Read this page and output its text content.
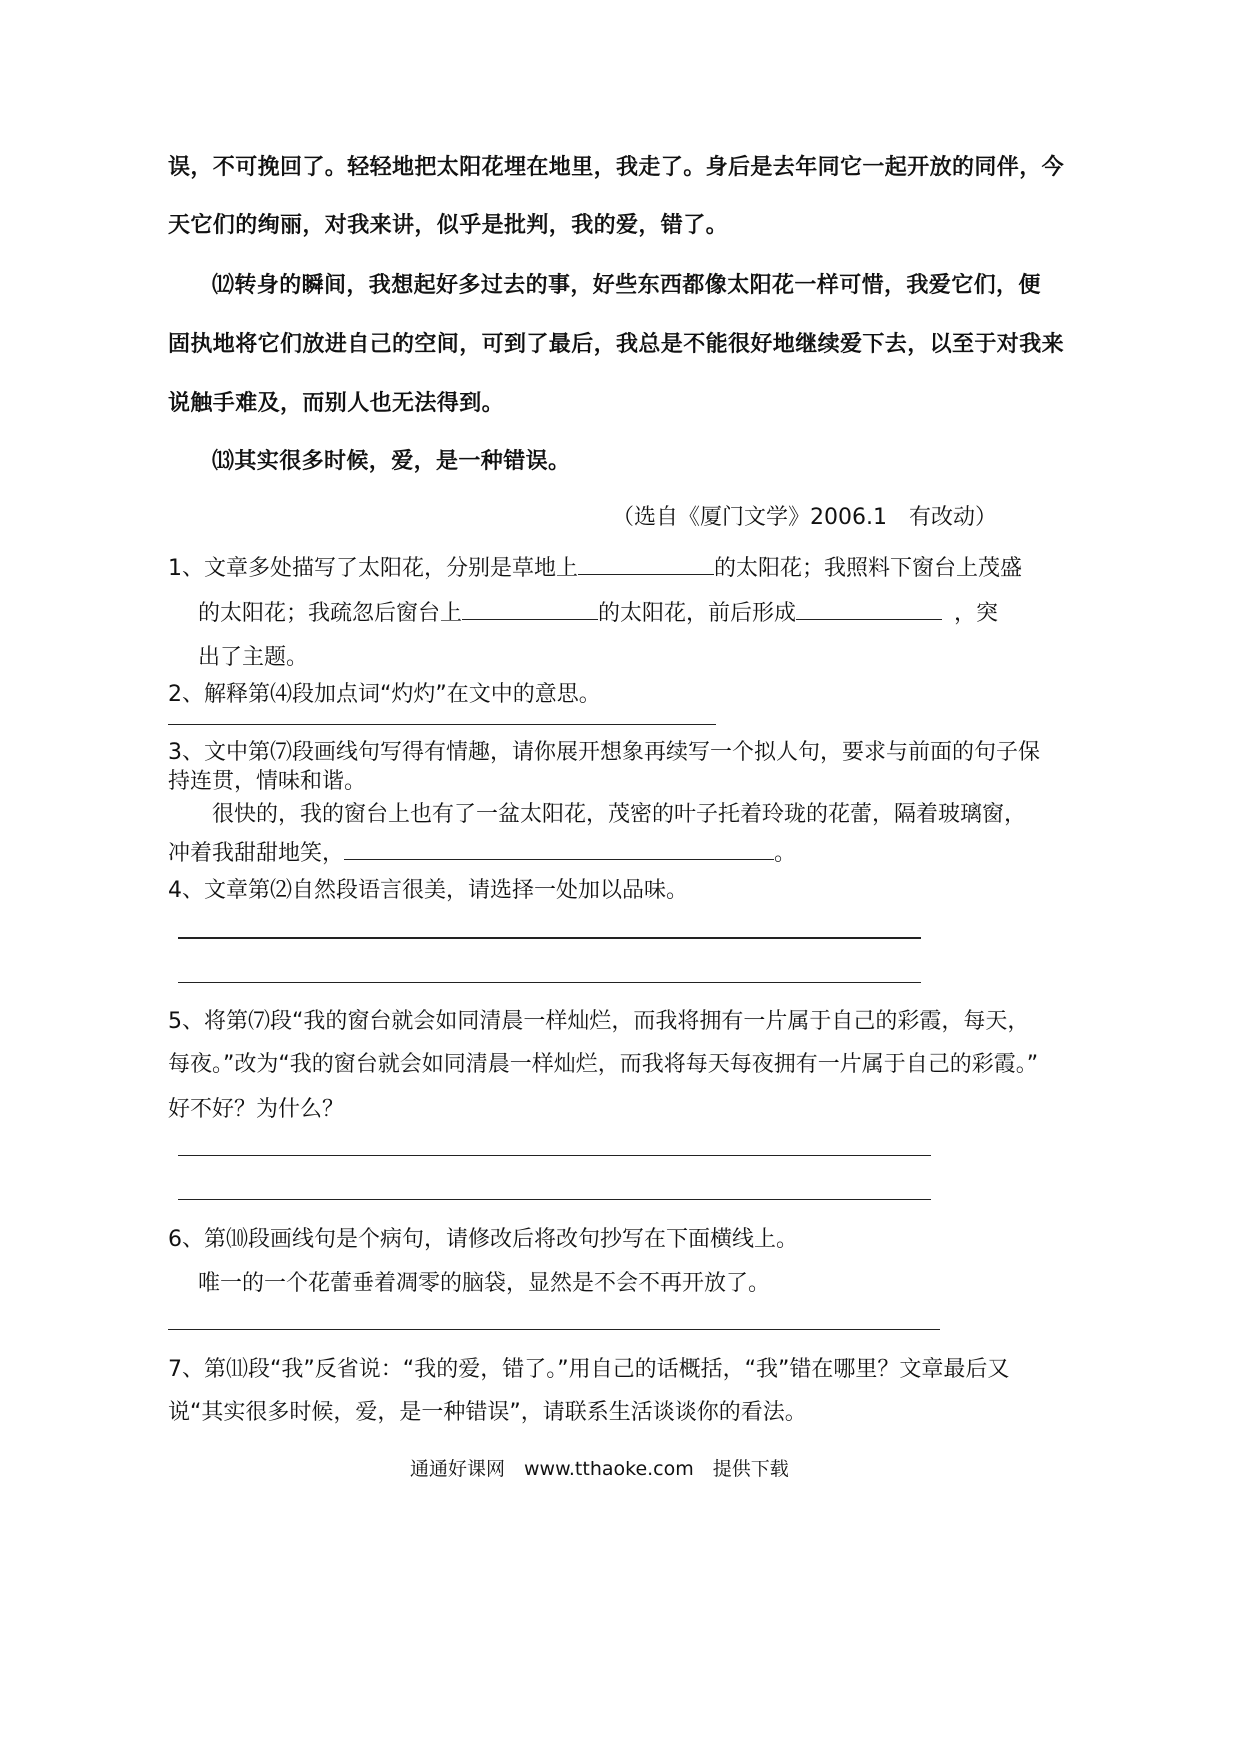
误，不可挽回了。轻轻地把太阳花埋在地里，我走了。身后是去年同它一起开放的同伴，今
天它们的绚丽，对我来讲，似乎是批判，我的爱，错了。
⑿转身的瞬间，我想起好多过去的事，好些东西都像太阳花一样可惜，我爱它们，便
固执地将它们放进自己的空间，可到了最后，我总是不能很好地继续爱下去，以至于对我来
说触手难及，而别人也无法得到。
⒀其实很多时候，爱，是一种错误。
（选自《厦门文学》2006.1　有改动）
1、文章多处描写了太阳花，分别是草地上	的太阳花；我照料下窗台上茂盛
的太阳花；我疏忽后窗台上	的太阳花，前后形成	，突
出了主题。
2、解释第⑷段加点词“灼灼”在文中的意思。
3、文中第⑺段画线句写得有情趣，请你展开想象再续写一个拟人句，要求与前面的句子保
持连贯，情味和谐。
很快的，我的窗台上也有了一盆太阳花，茂密的叶子托着玲珑的花蕾，隔着玻璃窗，
冲着我甜甜地笑，	。
4、文章第⑵自然段语言很美，请选择一处加以品味。
5、将第⑺段“我的窗台就会如同清晨一样灿烂，而我将拥有一片属于自己的彩霞，每天，
每夜。”改为“我的窗台就会如同清晨一样灿烂，而我将每天每夜拥有一片属于自己的彩霞。”
好不好？为什么？
6、第⑽段画线句是个病句，请修改后将改句抄写在下面横线上。
唯一的一个花蕾垂着凋零的脑袋，显然是不会不再开放了。
7、第⑾段“我”反省说：“我的爱，错了。”用自己的话概括，“我”错在哪里？文章最后又
说“其实很多时候，爱，是一种错误”，请联系生活谈谈你的看法。
通通好课网　www.tthaoke.com　提供下载
